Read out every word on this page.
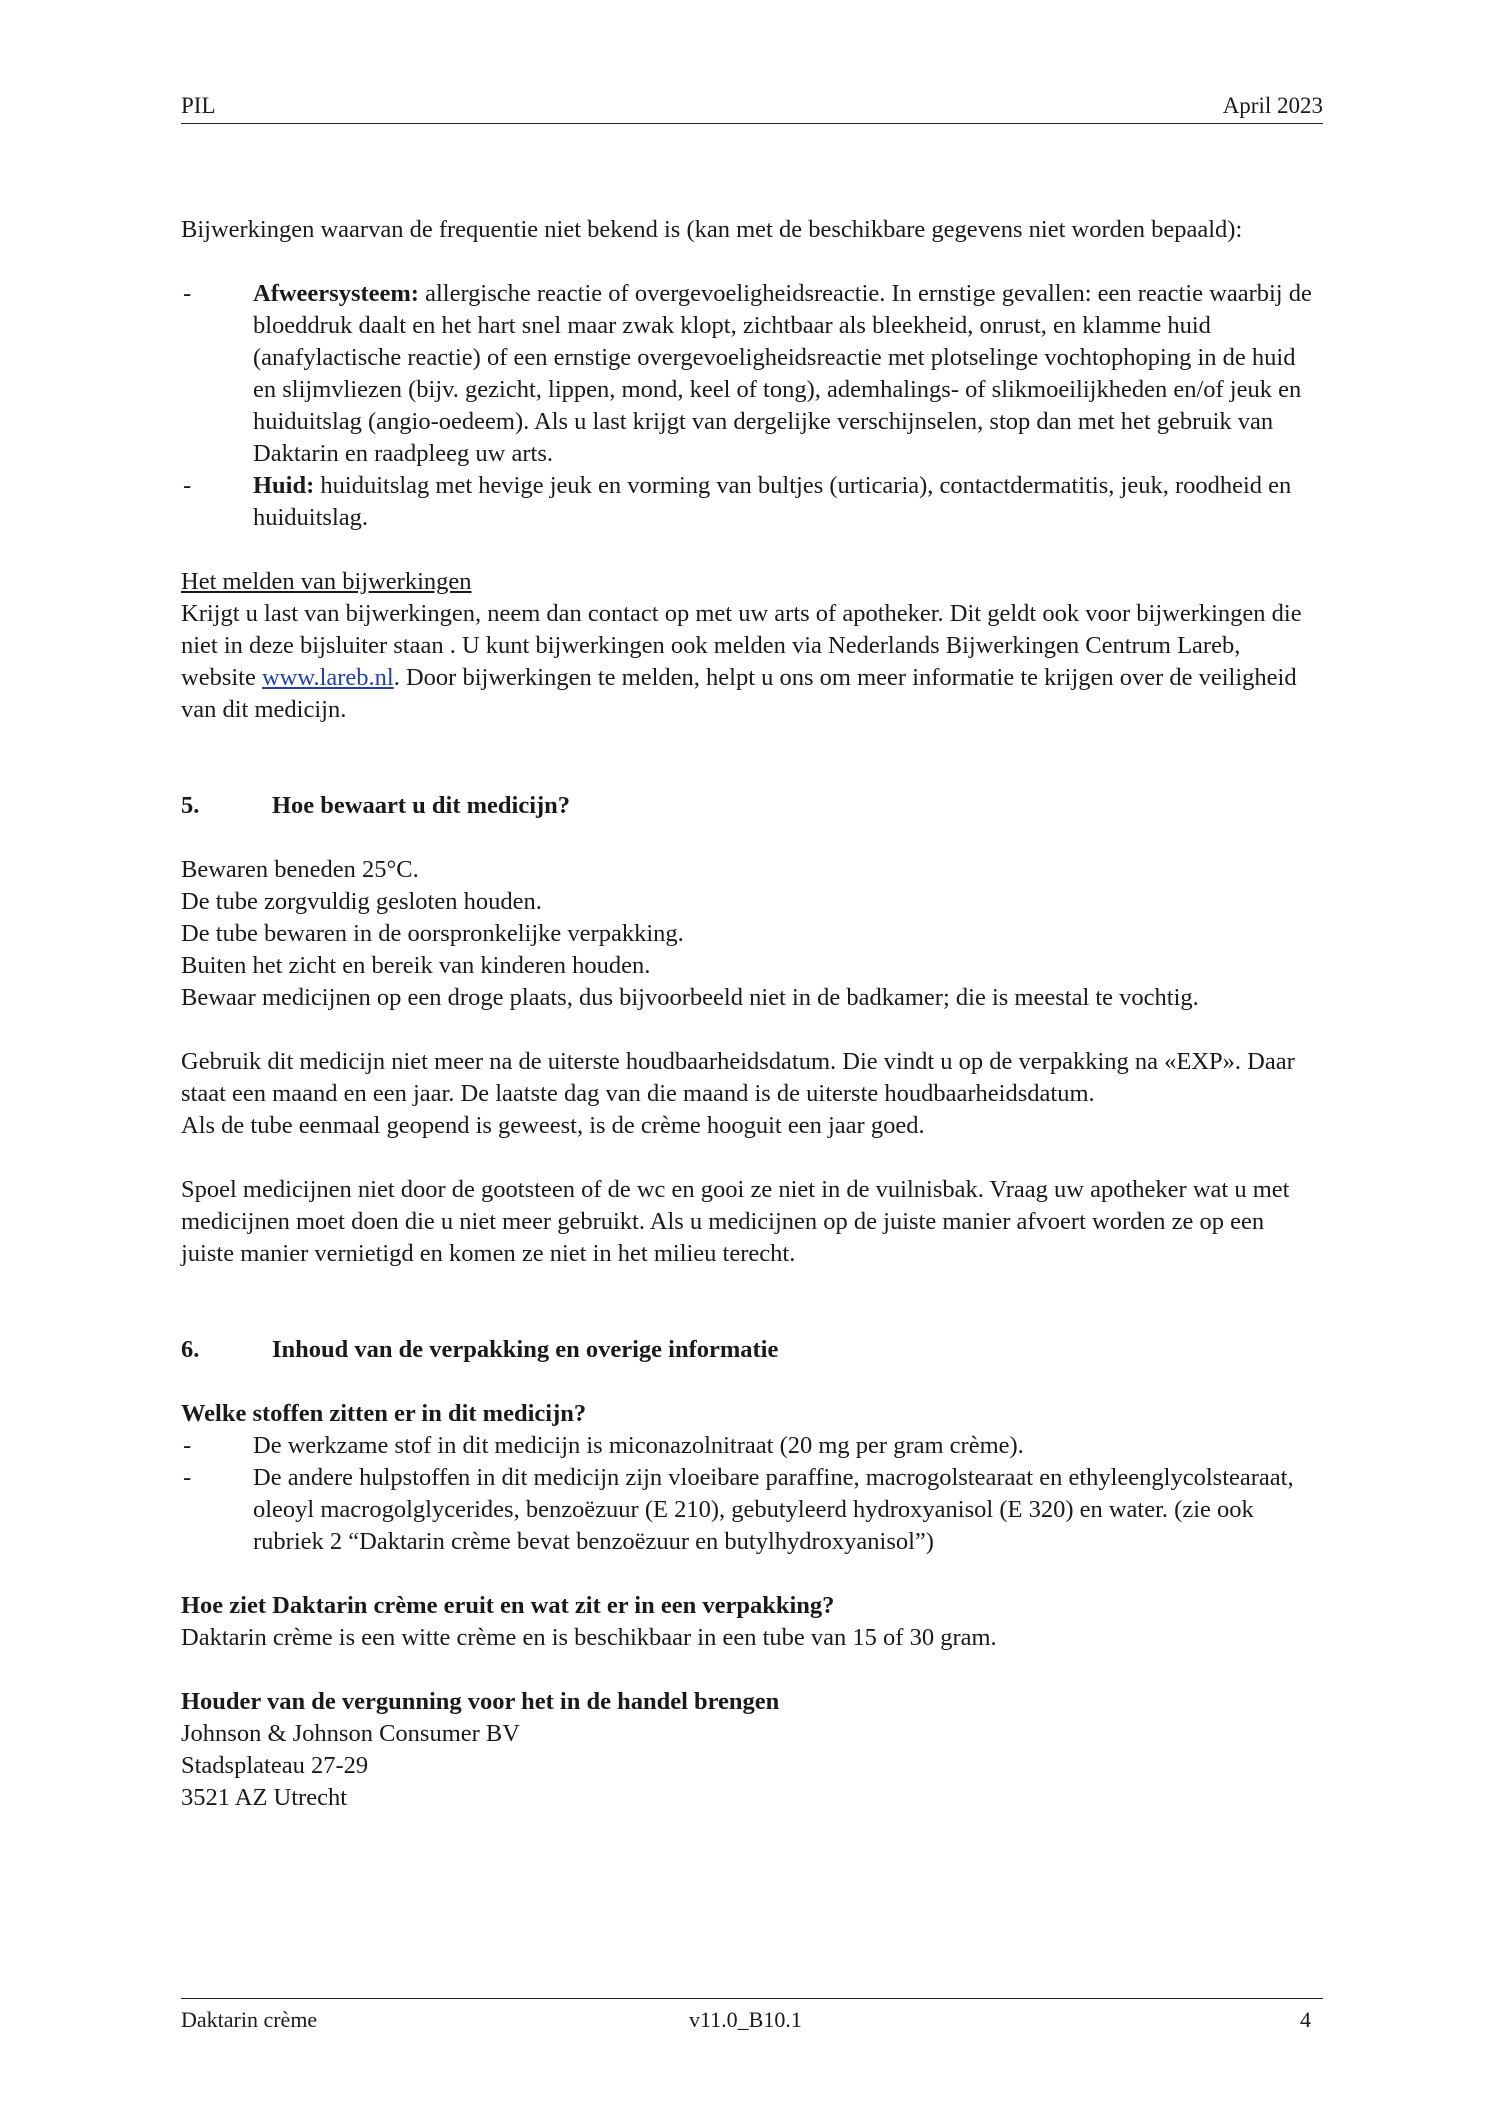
PIL	April 2023

Bijwerkingen waarvan de frequentie niet bekend is (kan met de beschikbare gegevens niet worden bepaald):

-	Afweersysteem: allergische reactie of overgevoeligheidsreactie. In ernstige gevallen: een reactie waarbij de bloeddruk daalt en het hart snel maar zwak klopt, zichtbaar als bleekheid, onrust, en klamme huid (anafylactische reactie) of een ernstige overgevoeligheidsreactie met plotselinge vochtophoping in de huid en slijmvliezen (bijv. gezicht, lippen, mond, keel of tong), ademhalings- of slikmoeilijkheden en/of jeuk en huiduitslag (angio-oedeem). Als u last krijgt van dergelijke verschijnselen, stop dan met het gebruik van Daktarin en raadpleeg uw arts.
-	Huid: huiduitslag met hevige jeuk en vorming van bultjes (urticaria), contactdermatitis, jeuk, roodheid en huiduitslag.

Het melden van bijwerkingen

Krijgt u last van bijwerkingen, neem dan contact op met uw arts of apotheker. Dit geldt ook voor bijwerkingen die niet in deze bijsluiter staan . U kunt bijwerkingen ook melden via Nederlands Bijwerkingen Centrum Lareb, website www.lareb.nl. Door bijwerkingen te melden, helpt u ons om meer informatie te krijgen over de veiligheid van dit medicijn.

5.	Hoe bewaart u dit medicijn?

Bewaren beneden 25°C.

De tube zorgvuldig gesloten houden.

De tube bewaren in de oorspronkelijke verpakking.

Buiten het zicht en bereik van kinderen houden.

Bewaar medicijnen op een droge plaats, dus bijvoorbeeld niet in de badkamer; die is meestal te vochtig.

Gebruik dit medicijn niet meer na de uiterste houdbaarheidsdatum. Die vindt u op de verpakking na «EXP». Daar staat een maand en een jaar. De laatste dag van die maand is de uiterste houdbaarheidsdatum.

Als de tube eenmaal geopend is geweest, is de crème hooguit een jaar goed.

Spoel medicijnen niet door de gootsteen of de wc en gooi ze niet in de vuilnisbak. Vraag uw apotheker wat u met medicijnen moet doen die u niet meer gebruikt. Als u medicijnen op de juiste manier afvoert worden ze op een juiste manier vernietigd en komen ze niet in het milieu terecht.

6.	Inhoud van de verpakking en overige informatie

Welke stoffen zitten er in dit medicijn?

-	De werkzame stof in dit medicijn is miconazolnitraat (20 mg per gram crème).
-	De andere hulpstoffen in dit medicijn zijn vloeibare paraffine, macrogolstearaat en ethyleenglycolstearaat, oleoyl macrogolglycerides, benzoëzuur (E 210), gebutyleerd hydroxyanisol (E 320) en water. (zie ook rubriek 2 “Daktarin crème bevat benzoëzuur en butylhydroxyanisol”)

Hoe ziet Daktarin crème eruit en wat zit er in een verpakking?

Daktarin crème is een witte crème en is beschikbaar in een tube van 15 of 30 gram.

Houder van de vergunning voor het in de handel brengen

Johnson & Johnson Consumer BV

Stadsplateau 27-29

3521 AZ Utrecht

Daktarin crème	v11.0_B10.1	4
